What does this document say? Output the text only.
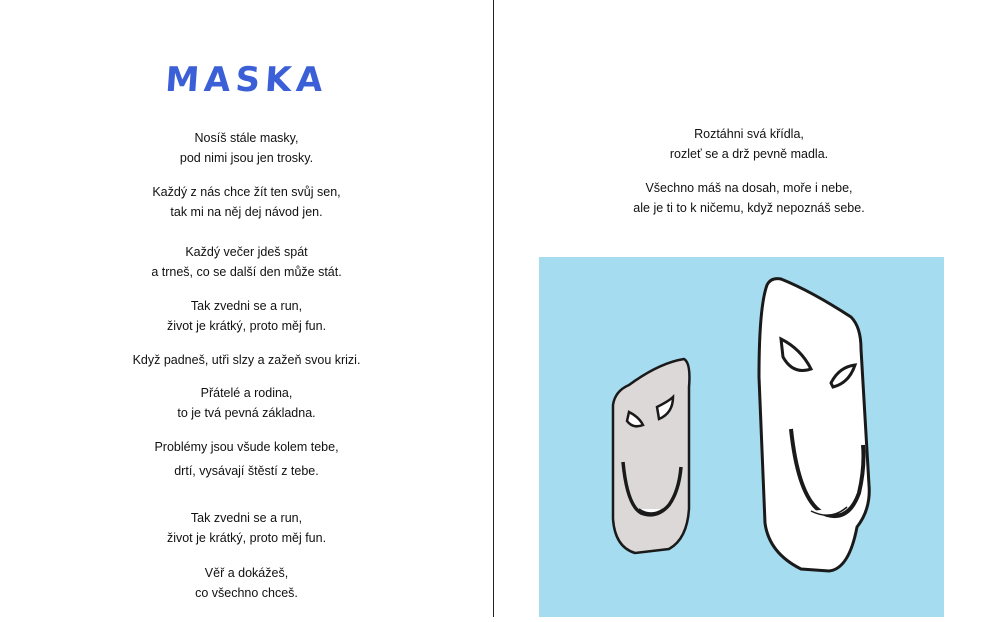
MASKA
Nosíš stále masky,
pod nimi jsou jen trosky.
Každý z nás chce žít ten svůj sen,
tak mi na něj dej návod jen.
Každý večer jdeš spát
a trneš, co se další den může stát.
Tak zvedni se a run,
život je krátký, proto měj fun.
Když padneš, utři slzy a zažeň svou krizi.
Přátelé a rodina,
to je tvá pevná základna.
Problémy jsou všude kolem tebe,
drtí, vysávají štěstí z tebe.
Tak zvedni se a run,
život je krátký, proto měj fun.
Věř a dokážeš,
co všechno chceš.
Roztáhni svá křídla,
rozleť se a drž pevně madla.
Všechno máš na dosah, moře i nebe,
ale je ti to k ničemu, když nepoznáš sebe.
